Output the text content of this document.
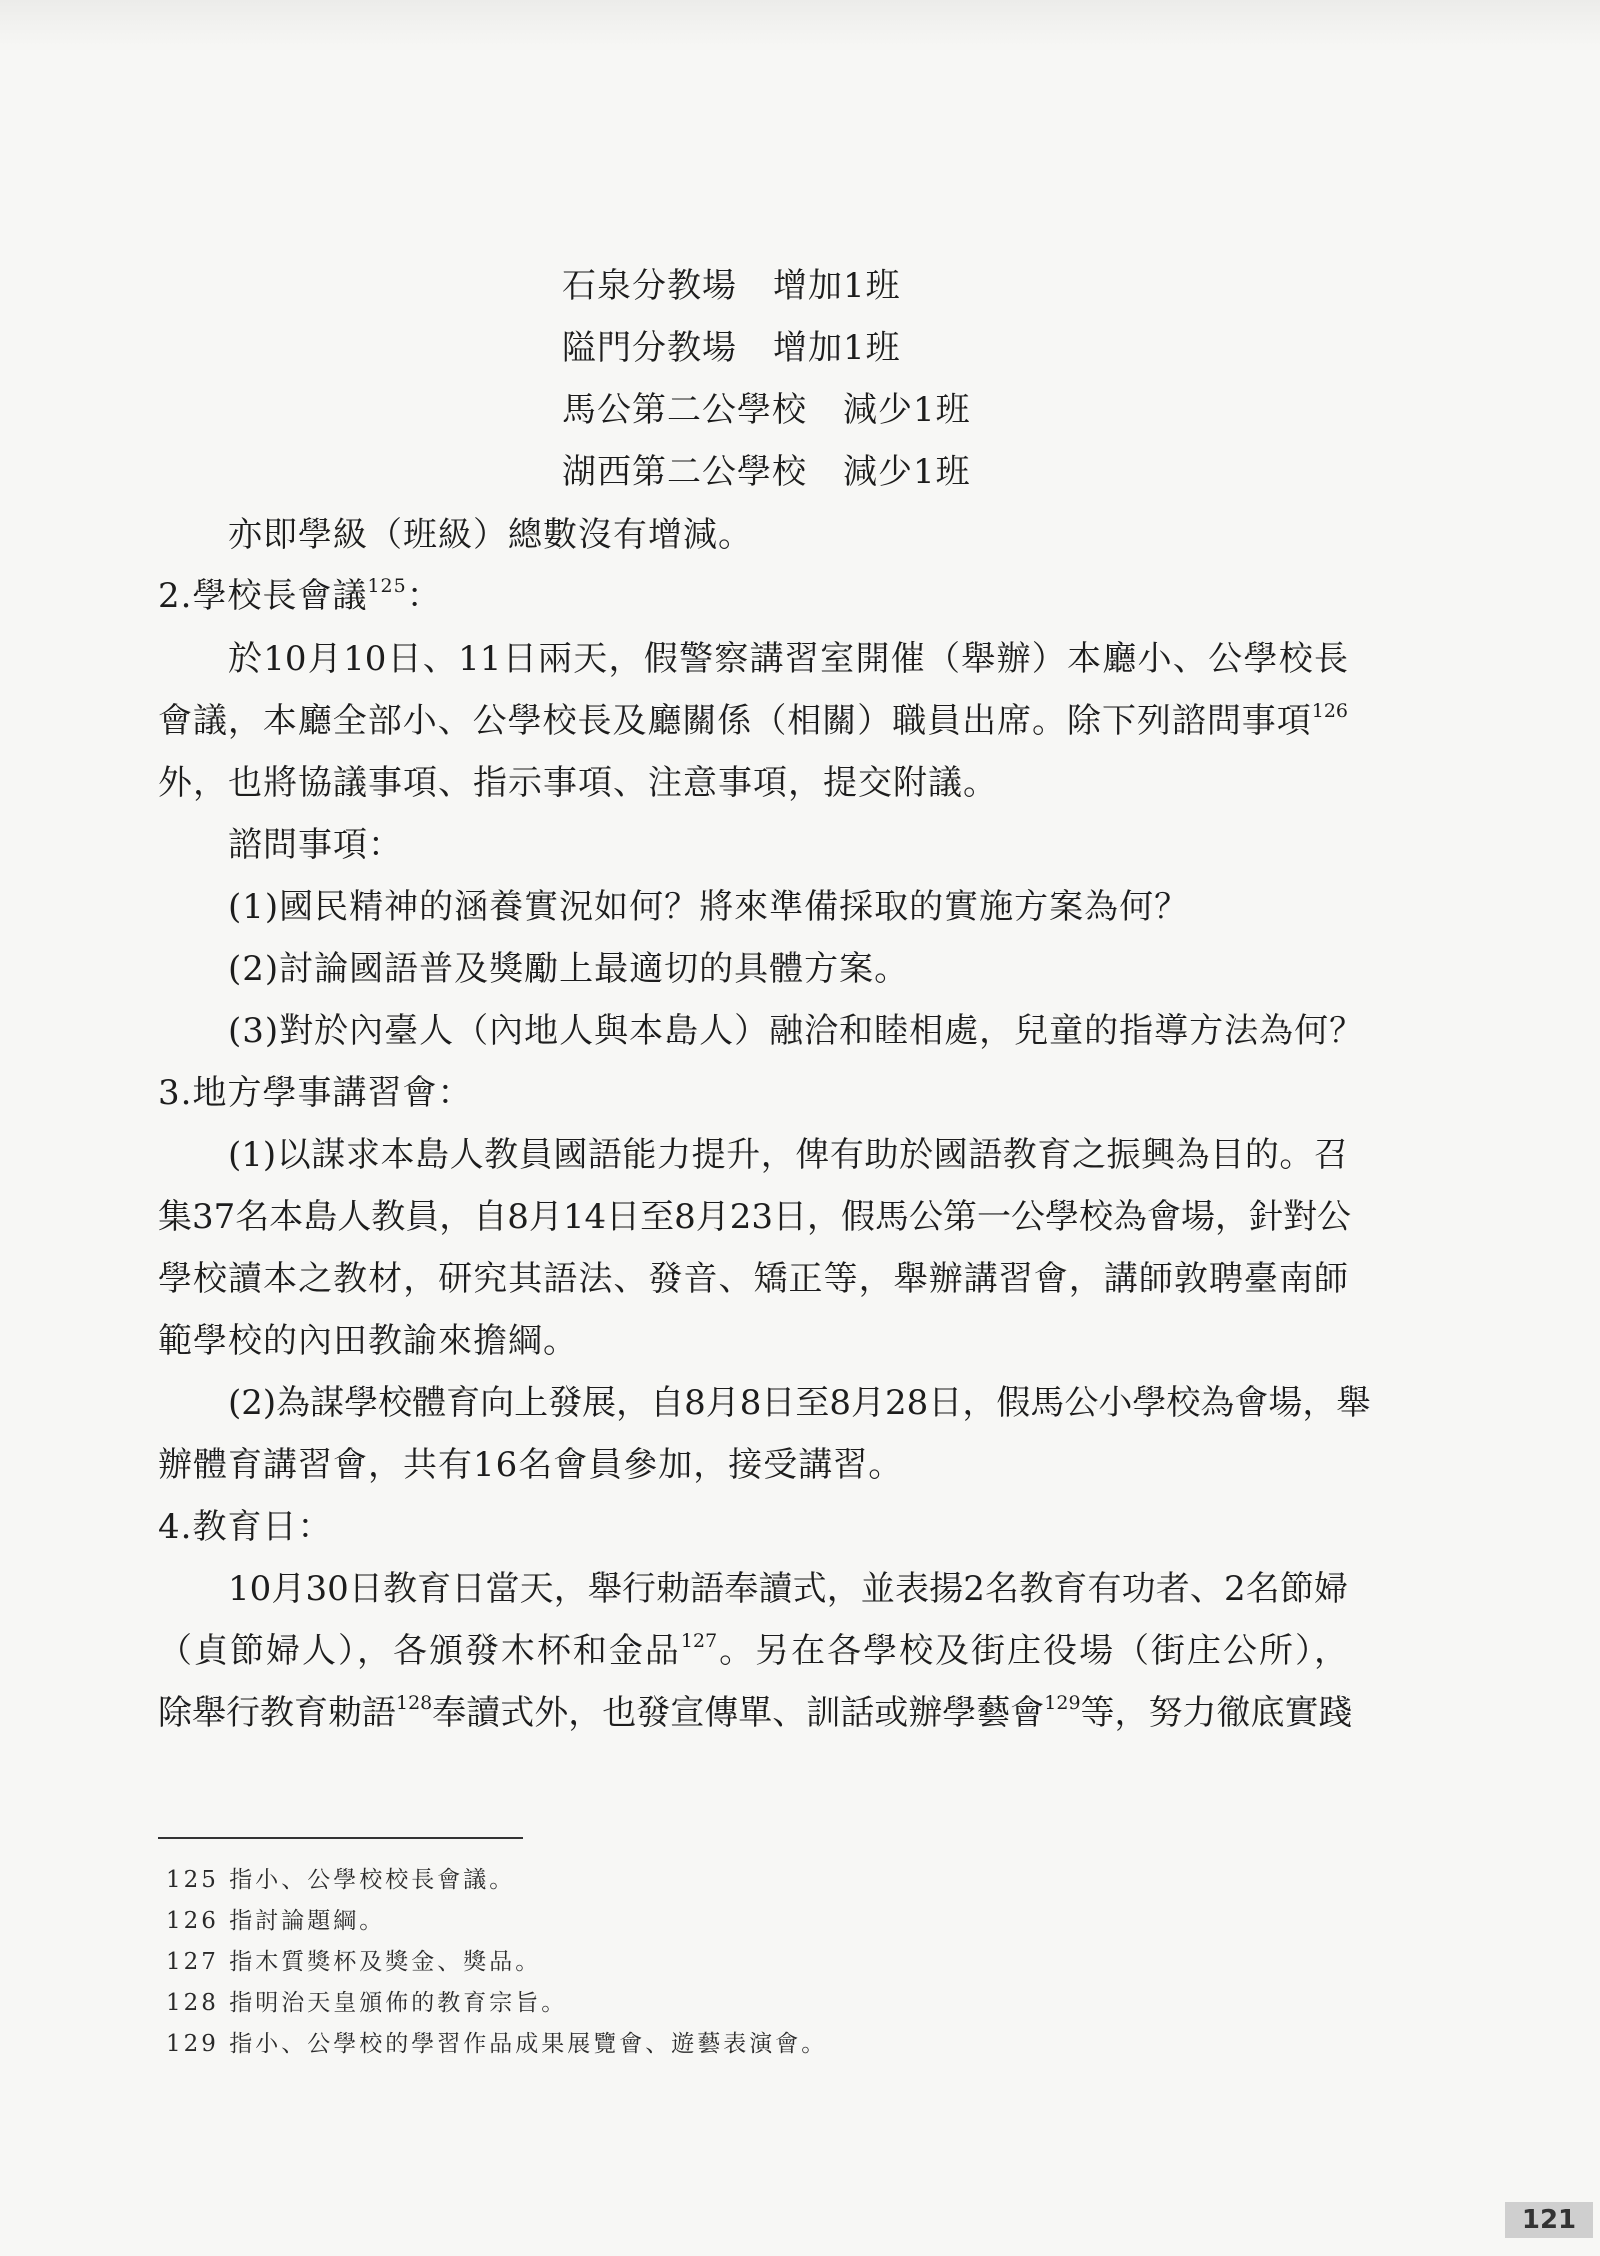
石泉分教場 增加1班
隘門分教場 增加1班
馬公第二公學校 減少1班
湖西第二公學校 減少1班
亦即學級（班級）總數沒有增減。
2.學校長會議$^{125}$：
於10月10日、11日兩天，假警察講習室開催（舉辦）本廳小、公學校長
會議，本廳全部小、公學校長及廳關係（相關）職員出席。除下列諮問事項$^{126}$
外，也將協議事項、指示事項、注意事項，提交附議。
諮問事項：
(1)國民精神的涵養實況如何？將來準備採取的實施方案為何？
(2)討論國語普及獎勵上最適切的具體方案。
(3)對於內臺人（內地人與本島人）融洽和睦相處，兒童的指導方法為何？
3.地方學事講習會：
(1)以謀求本島人教員國語能力提升，俾有助於國語教育之振興為目的。召
集37名本島人教員，自8月14日至8月23日，假馬公第一公學校為會場，針對公
學校讀本之教材，研究其語法、發音、矯正等，舉辦講習會，講師敦聘臺南師
範學校的內田教諭來擔綱。
(2)為謀學校體育向上發展，自8月8日至8月28日，假馬公小學校為會場，舉
辦體育講習會，共有16名會員參加，接受講習。
4.教育日：
10月30日教育日當天，舉行勅語奉讀式，並表揚2名教育有功者、2名節婦
（貞節婦人），各頒發木杯和金品$^{127}$。另在各學校及街庄役場（街庄公所），
除舉行教育勅語$^{128}$奉讀式外，也發宣傳單、訓話或辦學藝會$^{129}$等，努力徹底實踐
125 指小、公學校校長會議。
126 指討論題綱。
127 指木質獎杯及獎金、獎品。
128 指明治天皇頒佈的教育宗旨。
129 指小、公學校的學習作品成果展覽會、遊藝表演會。
121
